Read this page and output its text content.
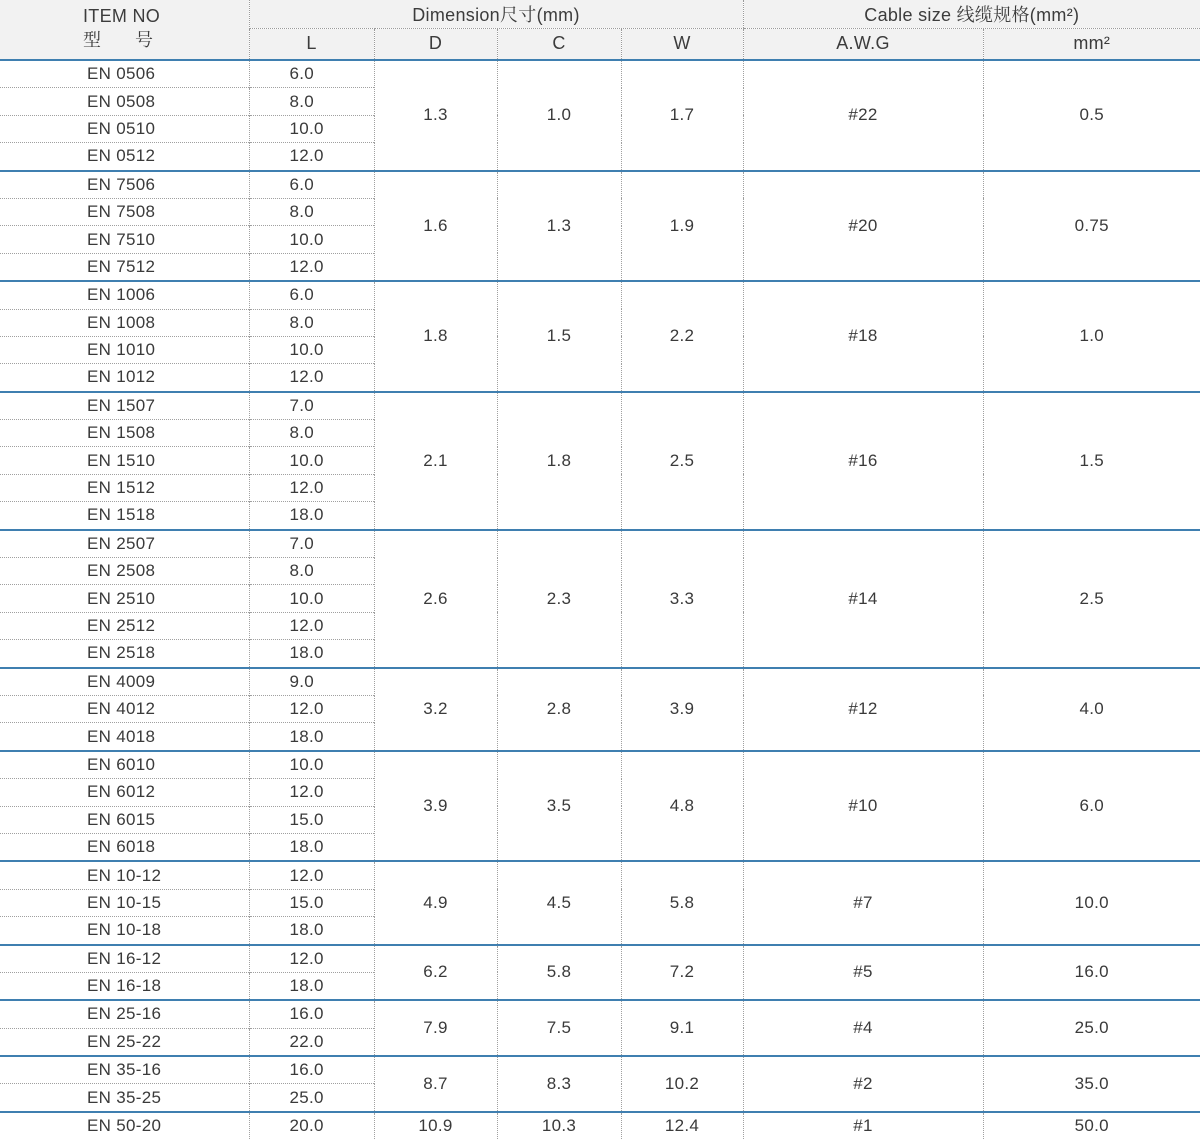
ITEM NO
型号	Dimension尺寸(mm)				Cable size 线缆规格(mm²)	
	L	D	C	W	A.W.G	mm²

EN 0506	6.0	1.3	1.0	1.7	#22	0.5
EN 0508	8.0					
EN 0510	10.0					
EN 0512	12.0					
EN 7506	6.0	1.6	1.3	1.9	#20	0.75
EN 7508	8.0					
EN 7510	10.0					
EN 7512	12.0					
EN 1006	6.0	1.8	1.5	2.2	#18	1.0
EN 1008	8.0					
EN 1010	10.0					
EN 1012	12.0					
EN 1507	7.0	2.1	1.8	2.5	#16	1.5
EN 1508	8.0					
EN 1510	10.0					
EN 1512	12.0					
EN 1518	18.0					
EN 2507	7.0	2.6	2.3	3.3	#14	2.5
EN 2508	8.0					
EN 2510	10.0					
EN 2512	12.0					
EN 2518	18.0					
EN 4009	9.0	3.2	2.8	3.9	#12	4.0
EN 4012	12.0					
EN 4018	18.0					
EN 6010	10.0	3.9	3.5	4.8	#10	6.0
EN 6012	12.0					
EN 6015	15.0					
EN 6018	18.0					
EN 10-12	12.0	4.9	4.5	5.8	#7	10.0
EN 10-15	15.0					
EN 10-18	18.0					
EN 16-12	12.0	6.2	5.8	7.2	#5	16.0
EN 16-18	18.0					
EN 25-16	16.0	7.9	7.5	9.1	#4	25.0
EN 25-22	22.0					
EN 35-16	16.0	8.7	8.3	10.2	#2	35.0
EN 35-25	25.0					
EN 50-20	20.0	10.9	10.3	12.4	#1	50.0
